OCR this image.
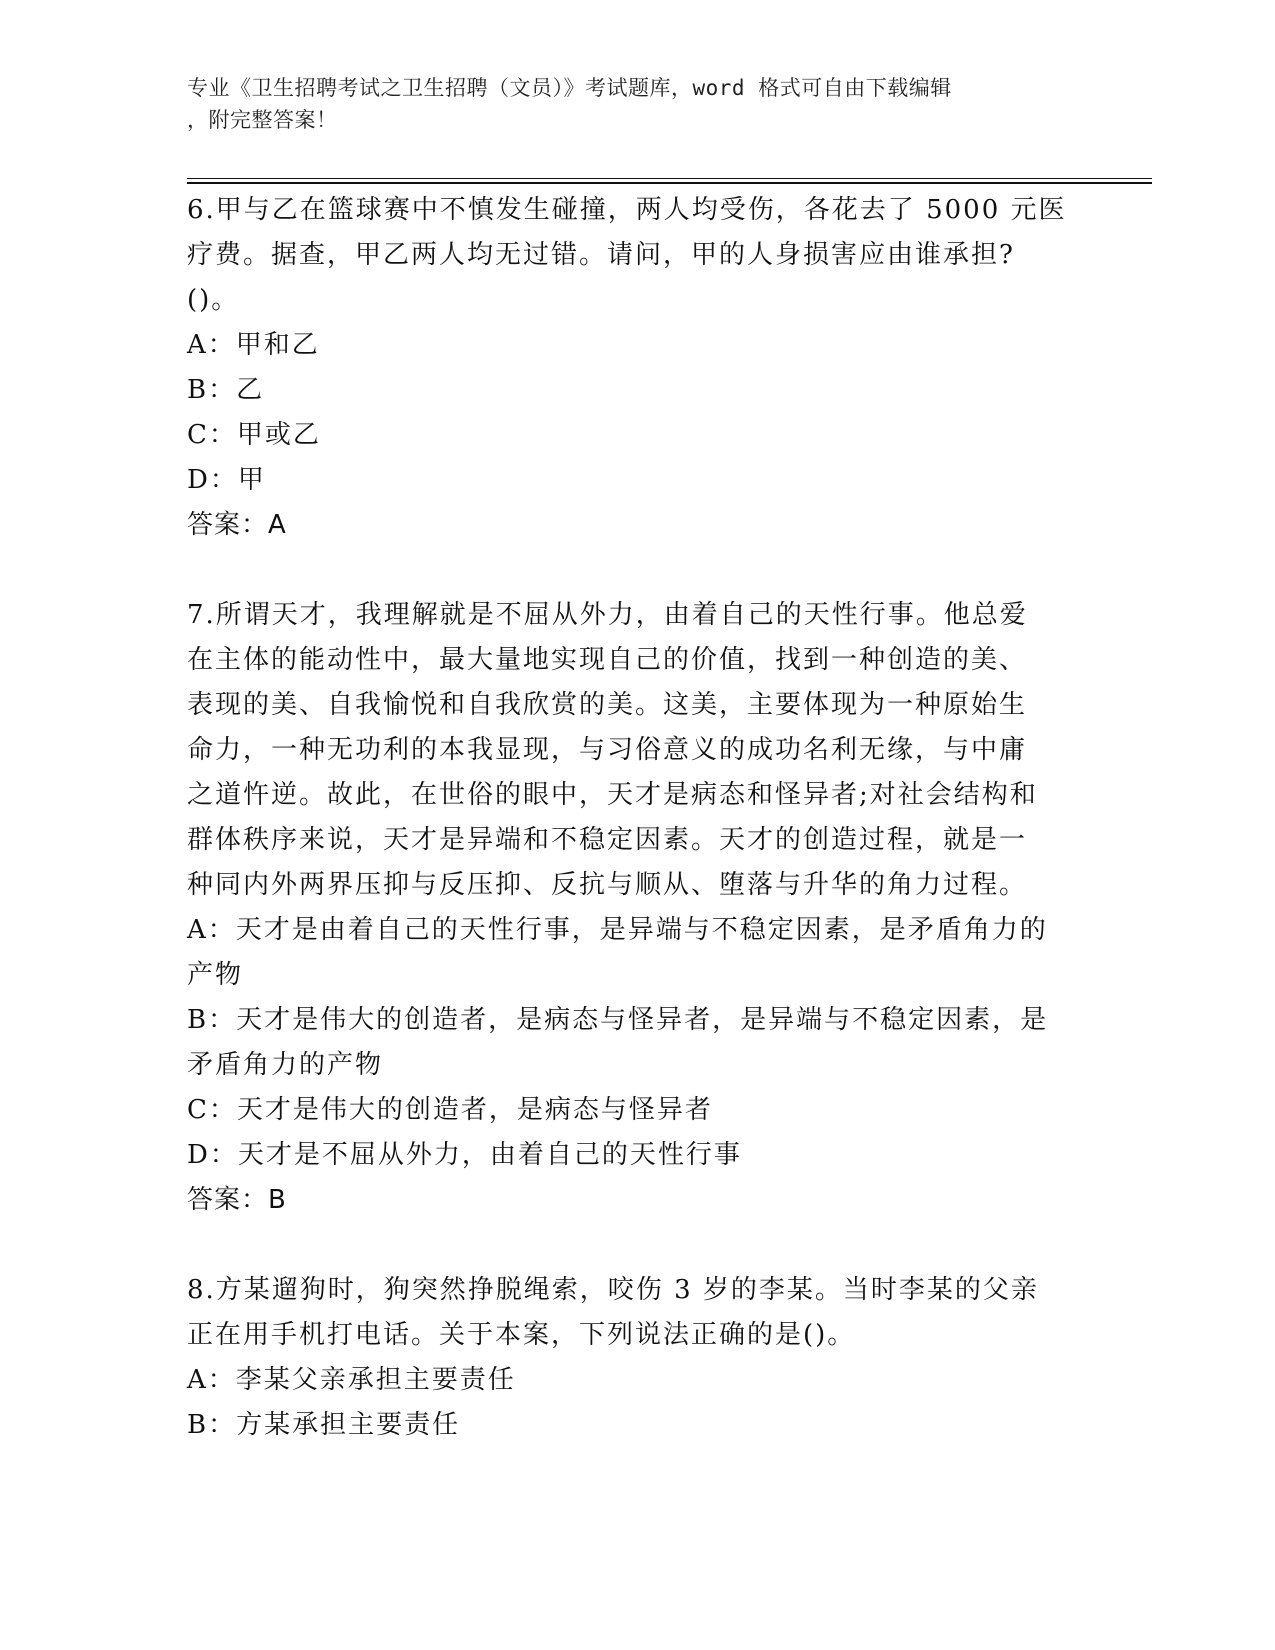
专业《卫生招聘考试之卫生招聘（文员）》考试题库，word 格式可自由下载编辑
，附完整答案！

6.甲与乙在篮球赛中不慎发生碰撞，两人均受伤，各花去了 5000 元医

疗费。据查，甲乙两人均无过错。请问，甲的人身损害应由谁承担?

()。

A：甲和乙

B：乙

C：甲或乙

D：甲

答案：A

7.所谓天才，我理解就是不屈从外力，由着自己的天性行事。他总爱

在主体的能动性中，最大量地实现自己的价值，找到一种创造的美、

表现的美、自我愉悦和自我欣赏的美。这美，主要体现为一种原始生

命力，一种无功利的本我显现，与习俗意义的成功名利无缘，与中庸

之道忤逆。故此，在世俗的眼中，天才是病态和怪异者;对社会结构和

群体秩序来说，天才是异端和不稳定因素。天才的创造过程，就是一

种同内外两界压抑与反压抑、反抗与顺从、堕落与升华的角力过程。

A：天才是由着自己的天性行事，是异端与不稳定因素，是矛盾角力的

产物

B：天才是伟大的创造者，是病态与怪异者，是异端与不稳定因素，是

矛盾角力的产物

C：天才是伟大的创造者，是病态与怪异者

D：天才是不屈从外力，由着自己的天性行事

答案：B

8.方某遛狗时，狗突然挣脱绳索，咬伤 3 岁的李某。当时李某的父亲

正在用手机打电话。关于本案，下列说法正确的是()。

A：李某父亲承担主要责任

B：方某承担主要责任
